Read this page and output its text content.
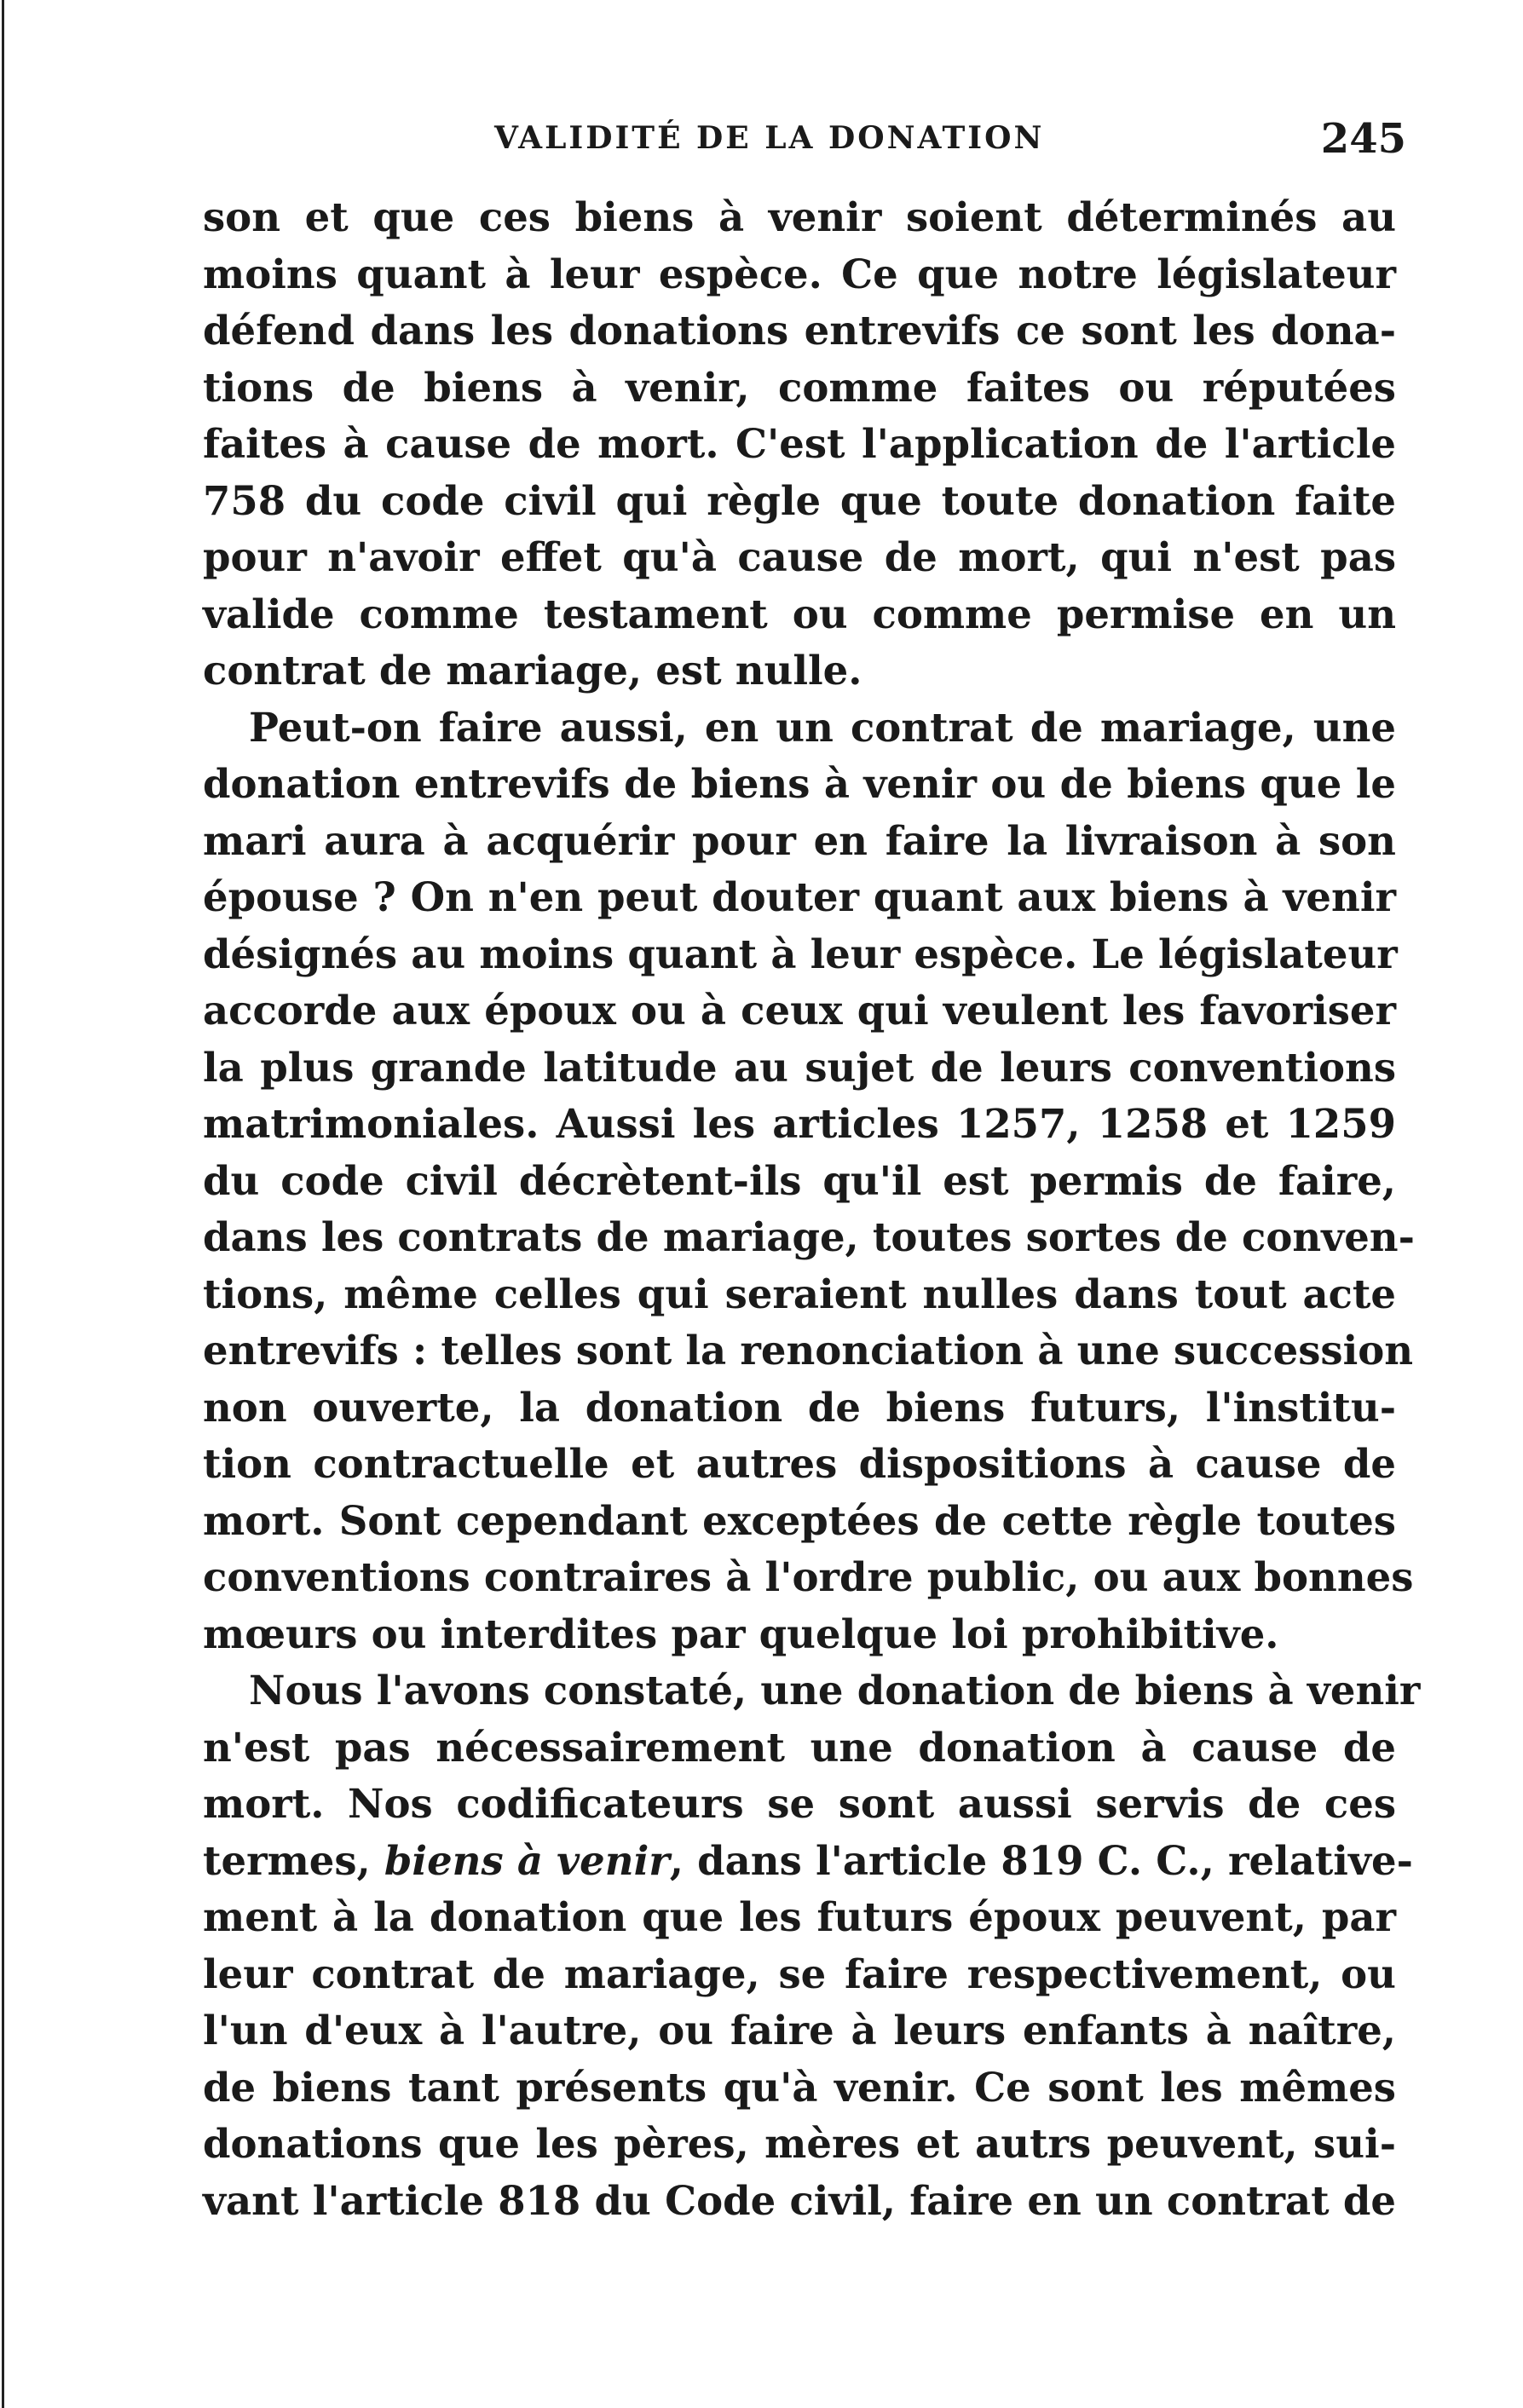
VALIDITÉ DE LA DONATION	245
son et que ces biens à venir soient déterminés au
moins quant à leur espèce. Ce que notre législateur
défend dans les donations entrevifs ce sont les dona-
tions de biens à venir, comme faites ou réputées
faites à cause de mort. C'est l'application de l'article
758 du code civil qui règle que toute donation faite
pour n'avoir effet qu'à cause de mort, qui n'est pas
valide comme testament ou comme permise en un
contrat de mariage, est nulle.
Peut-on faire aussi, en un contrat de mariage, une
donation entrevifs de biens à venir ou de biens que le
mari aura à acquérir pour en faire la livraison à son
épouse ? On n'en peut douter quant aux biens à venir
désignés au moins quant à leur espèce. Le législateur
accorde aux époux ou à ceux qui veulent les favoriser
la plus grande latitude au sujet de leurs conventions
matrimoniales. Aussi les articles 1257, 1258 et 1259
du code civil décrètent-ils qu'il est permis de faire,
dans les contrats de mariage, toutes sortes de conven-
tions, même celles qui seraient nulles dans tout acte
entrevifs : telles sont la renonciation à une succession
non ouverte, la donation de biens futurs, l'institu-
tion contractuelle et autres dispositions à cause de
mort. Sont cependant exceptées de cette règle toutes
conventions contraires à l'ordre public, ou aux bonnes
mœurs ou interdites par quelque loi prohibitive.
Nous l'avons constaté, une donation de biens à venir
n'est pas nécessairement une donation à cause de
mort. Nos codificateurs se sont aussi servis de ces
termes, biens à venir, dans l'article 819 C. C., relative-
ment à la donation que les futurs époux peuvent, par
leur contrat de mariage, se faire respectivement, ou
l'un d'eux à l'autre, ou faire à leurs enfants à naître,
de biens tant présents qu'à venir. Ce sont les mêmes
donations que les pères, mères et autrs peuvent, sui-
vant l'article 818 du Code civil, faire en un contrat de
